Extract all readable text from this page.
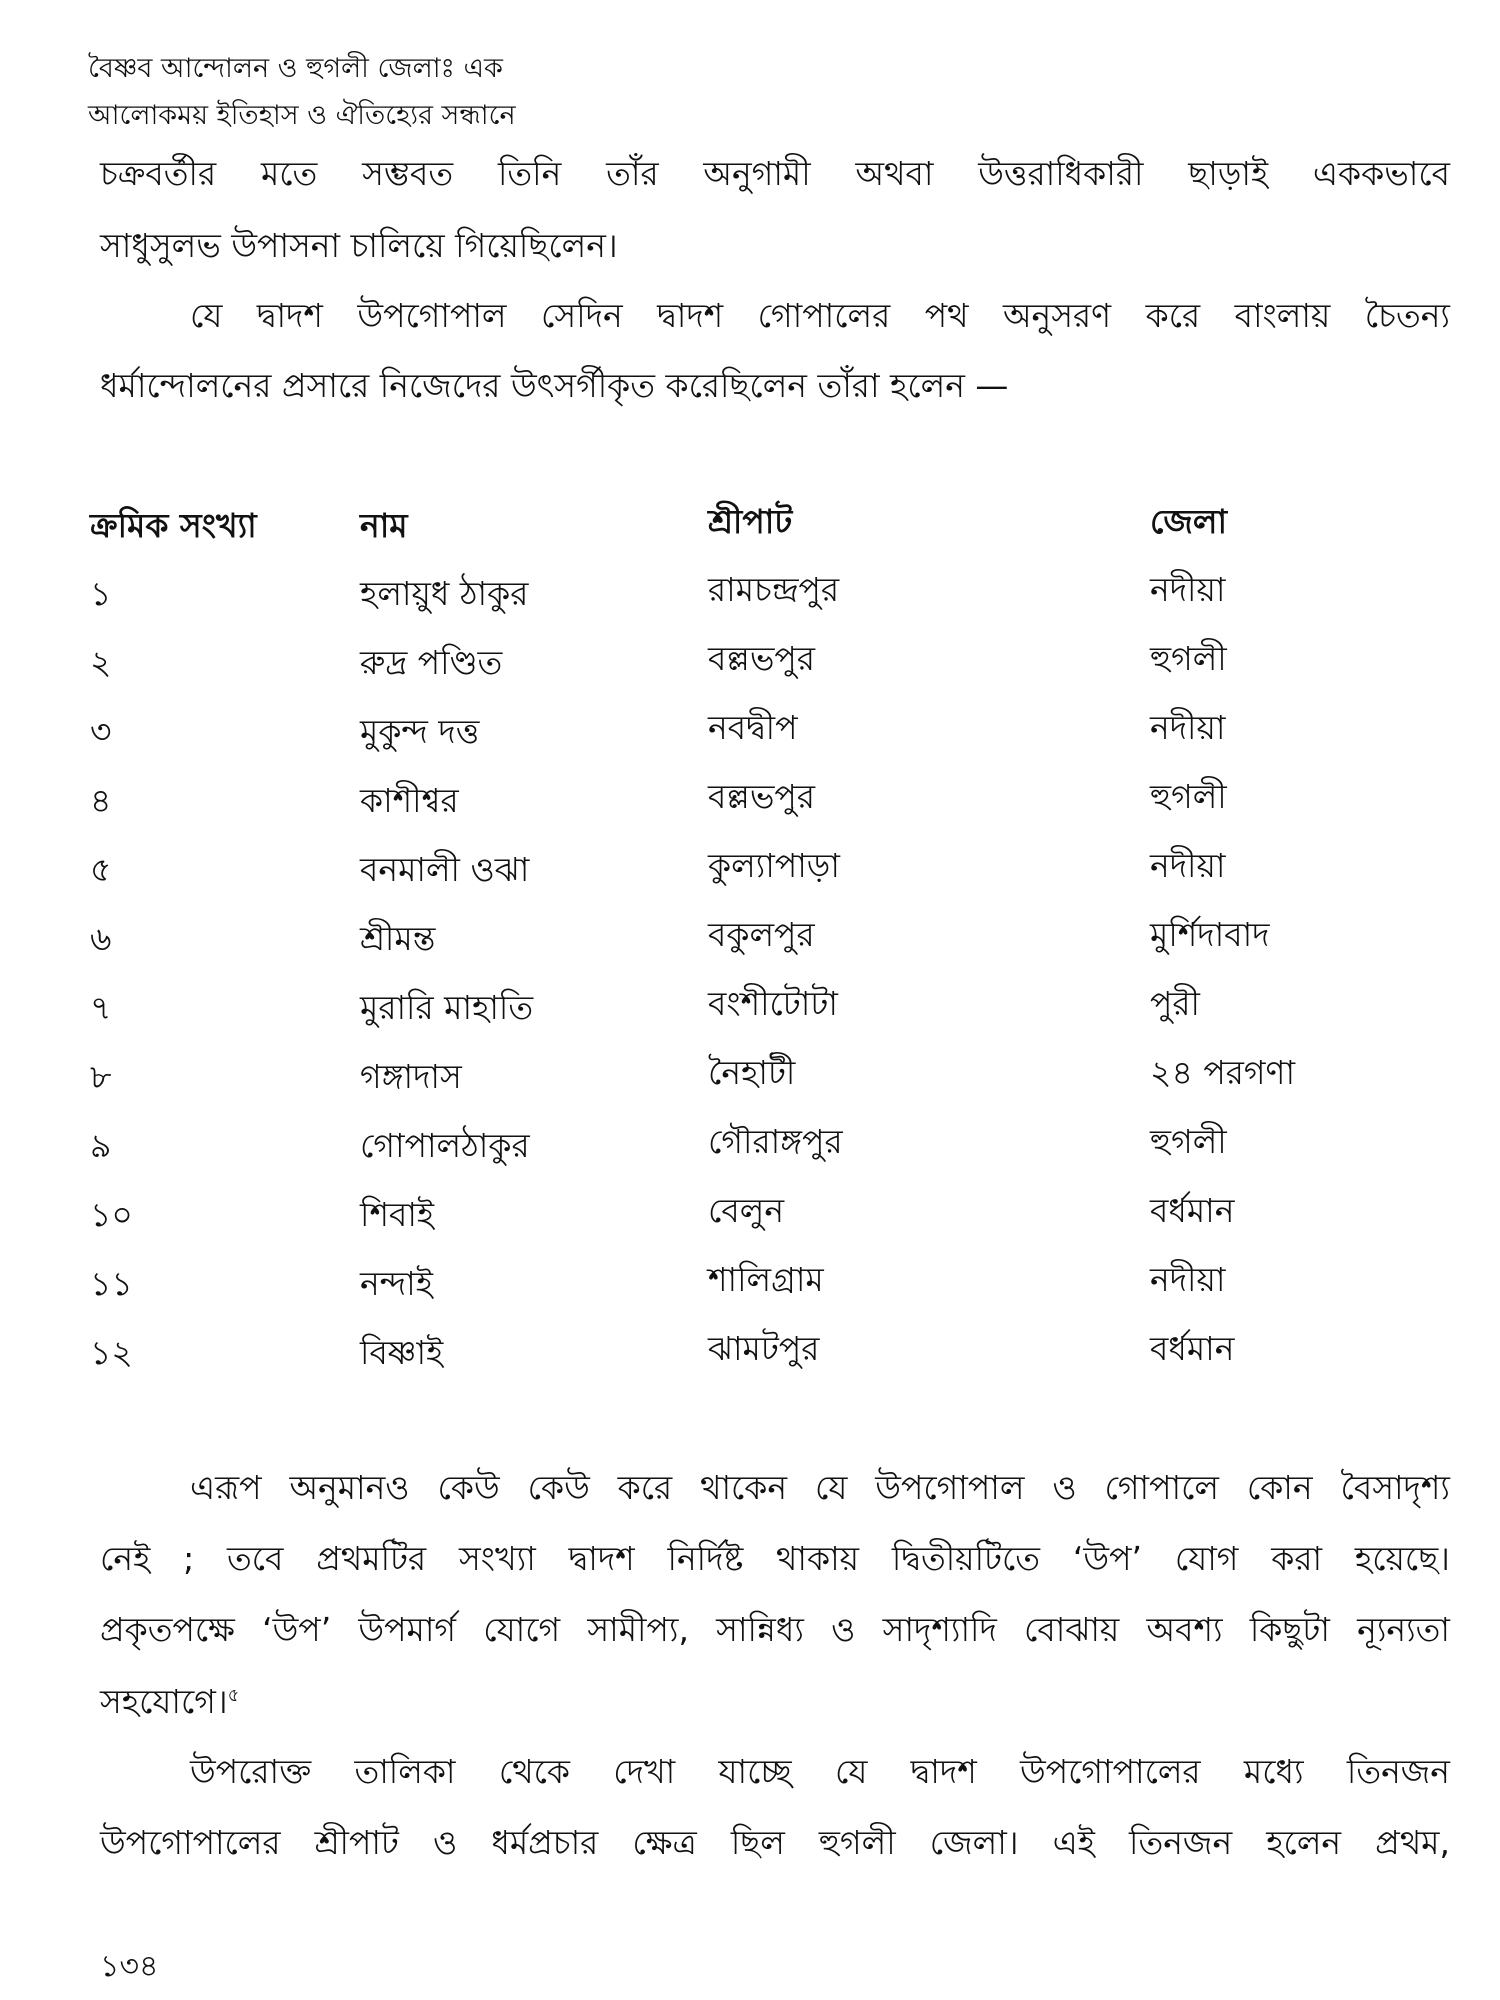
বৈষ্ণব আন্দোলন ও হুগলী জেলাঃ এক
আলোকময় ইতিহাস ও ঐতিহ্যের সন্ধানে
চক্রবর্তীর মতে সম্ভবত তিনি তাঁর অনুগামী অথবা উত্তরাধিকারী ছাড়াই এককভাবে
সাধুসুলভ উপাসনা চালিয়ে গিয়েছিলেন।
যে দ্বাদশ উপগোপাল সেদিন দ্বাদশ গোপালের পথ অনুসরণ করে বাংলায় চৈতন্য
ধর্মান্দোলনের প্রসারে নিজেদের উৎসর্গীকৃত করেছিলেন তাঁরা হলেন —
ক্রমিক সংখ্যা	নাম	শ্রীপাট	জেলা
১	হলায়ুধ ঠাকুর	রামচন্দ্রপুর	নদীয়া
২	রুদ্র পণ্ডিত	বল্লভপুর	হুগলী
৩	মুকুন্দ দত্ত	নবদ্বীপ	নদীয়া
৪	কাশীশ্বর	বল্লভপুর	হুগলী
৫	বনমালী ওঝা	কুল্যাপাড়া	নদীয়া
৬	শ্রীমন্ত	বকুলপুর	মুর্শিদাবাদ
৭	মুরারি মাহাতি	বংশীটোটা	পুরী
৮	গঙ্গাদাস	নৈহাটী	২৪ পরগণা
৯	গোপালঠাকুর	গৌরাঙ্গপুর	হুগলী
১০	শিবাই	বেলুন	বর্ধমান
১১	নন্দাই	শালিগ্রাম	নদীয়া
১২	বিষ্ণাই	ঝামটপুর	বর্ধমান
এরূপ অনুমানও কেউ কেউ করে থাকেন যে উপগোপাল ও গোপালে কোন বৈসাদৃশ্য
নেই ; তবে প্রথমটির সংখ্যা দ্বাদশ নির্দিষ্ট থাকায় দ্বিতীয়টিতে ‘উপ’ যোগ করা হয়েছে।
প্রকৃতপক্ষে ‘উপ’ উপমার্গ যোগে সামীপ্য, সান্নিধ্য ও সাদৃশ্যাদি বোঝায় অবশ্য কিছুটা ন্যূন্যতা
সহযোগে।$^৫$
উপরোক্ত তালিকা থেকে দেখা যাচ্ছে যে দ্বাদশ উপগোপালের মধ্যে তিনজন
উপগোপালের শ্রীপাট ও ধর্মপ্রচার ক্ষেত্র ছিল হুগলী জেলা। এই তিনজন হলেন প্রথম,
১৩৪
